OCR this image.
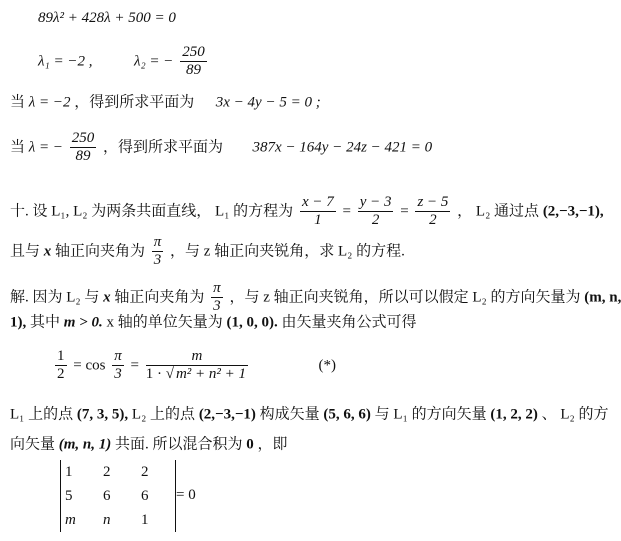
89λ² + 428λ + 500 = 0
λ₁ = −2 ,	λ₂ = − $\frac{250}{89}$
当 λ = −2 ，得到所求平面为 3x − 4y − 5 = 0 ;
当 λ = − $\frac{250}{89}$ ，得到所求平面为 387x − 164y − 24z − 421 = 0
十. 设 L₁, L₂ 为两条共面直线， L₁ 的方程为 $\frac{x - 7}{1} = \frac{y - 3}{2} = \frac{z - 5}{2}$ ， L₂ 通过点 (2,−3,−1),
且与 x 轴正向夹角为 $\frac{\pi}{3}$ ，与 z 轴正向夹锐角，求 L₂ 的方程.
解. 因为 L₂ 与 x 轴正向夹角为 $\frac{\pi}{3}$ ，与 z 轴正向夹锐角，所以可以假定 L₂ 的方向矢量为 (m, n,
1), 其中 m > 0. x 轴的单位矢量为 (1, 0, 0). 由矢量夹角公式可得
$\frac{1}{2} = \cos \frac{\pi}{3} = \frac{m}{\text{1 · √ m² + n² + 1}}$	(*)
L₁ 上的点 (7, 3, 5), L₂ 上的点 (2,−3,−1) 构成矢量 (5, 6, 6) 与 L₁ 的方向矢量 (1, 2, 2) 、 L₂ 的方
向矢量 (m, n, 1) 共面. 所以混合积为 0 ，即
1	2	2
5	6	6
m	n	1
= 0
